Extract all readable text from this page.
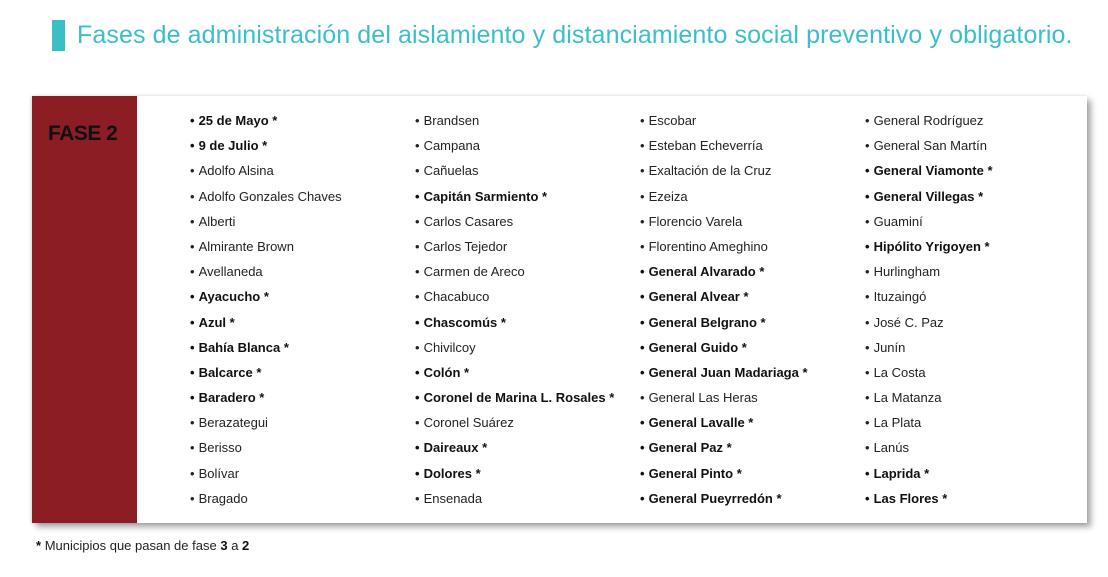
Fases de administración del aislamiento y distanciamiento social preventivo y obligatorio.
FASE 2
• 25 de Mayo *
• 9 de Julio *
• Adolfo Alsina
• Adolfo Gonzales Chaves
• Alberti
• Almirante Brown
• Avellaneda
• Ayacucho *
• Azul *
• Bahía Blanca *
• Balcarce *
• Baradero *
• Berazategui
• Berisso
• Bolívar
• Bragado
• Brandsen
• Campana
• Cañuelas
• Capitán Sarmiento *
• Carlos Casares
• Carlos Tejedor
• Carmen de Areco
• Chacabuco
• Chascomús *
• Chivilcoy
• Colón *
• Coronel de Marina L. Rosales *
• Coronel Suárez
• Daireaux *
• Dolores *
• Ensenada
• Escobar
• Esteban Echeverría
• Exaltación de la Cruz
• Ezeiza
• Florencio Varela
• Florentino Ameghino
• General Alvarado *
• General Alvear *
• General Belgrano *
• General Guido *
• General Juan Madariaga *
• General Las Heras
• General Lavalle *
• General Paz *
• General Pinto *
• General Pueyrredón *
• General Rodríguez
• General San Martín
• General Viamonte *
• General Villegas *
• Guaminí
• Hipólito Yrigoyen *
• Hurlingham
• Ituzaingó
• José C. Paz
• Junín
• La Costa
• La Matanza
• La Plata
• Lanús
• Laprida *
• Las Flores *
* Municipios que pasan de fase 3 a 2
